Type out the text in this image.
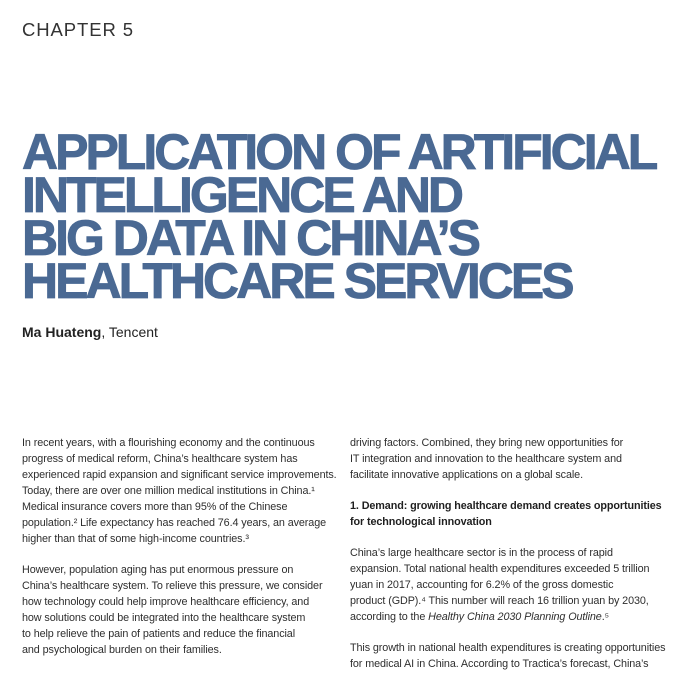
CHAPTER 5
APPLICATION OF ARTIFICIAL
INTELLIGENCE AND
BIG DATA IN CHINA’S
HEALTHCARE SERVICES
Ma Huateng, Tencent
In recent years, with a flourishing economy and the continuous
progress of medical reform, China’s healthcare system has
experienced rapid expansion and significant service improvements.
Today, there are over one million medical institutions in China.¹
Medical insurance covers more than 95% of the Chinese
population.² Life expectancy has reached 76.4 years, an average
higher than that of some high-income countries.³
However, population aging has put enormous pressure on
China’s healthcare system. To relieve this pressure, we consider
how technology could help improve healthcare efficiency, and
how solutions could be integrated into the healthcare system
to help relieve the pain of patients and reduce the financial
and psychological burden on their families.
driving factors. Combined, they bring new opportunities for
IT integration and innovation to the healthcare system and
facilitate innovative applications on a global scale.
1. Demand: growing healthcare demand creates opportunities
for technological innovation
China’s large healthcare sector is in the process of rapid
expansion. Total national health expenditures exceeded 5 trillion
yuan in 2017, accounting for 6.2% of the gross domestic
product (GDP).⁴ This number will reach 16 trillion yuan by 2030,
according to the Healthy China 2030 Planning Outline.⁵
This growth in national health expenditures is creating opportunities
for medical AI in China. According to Tractica’s forecast, China’s
